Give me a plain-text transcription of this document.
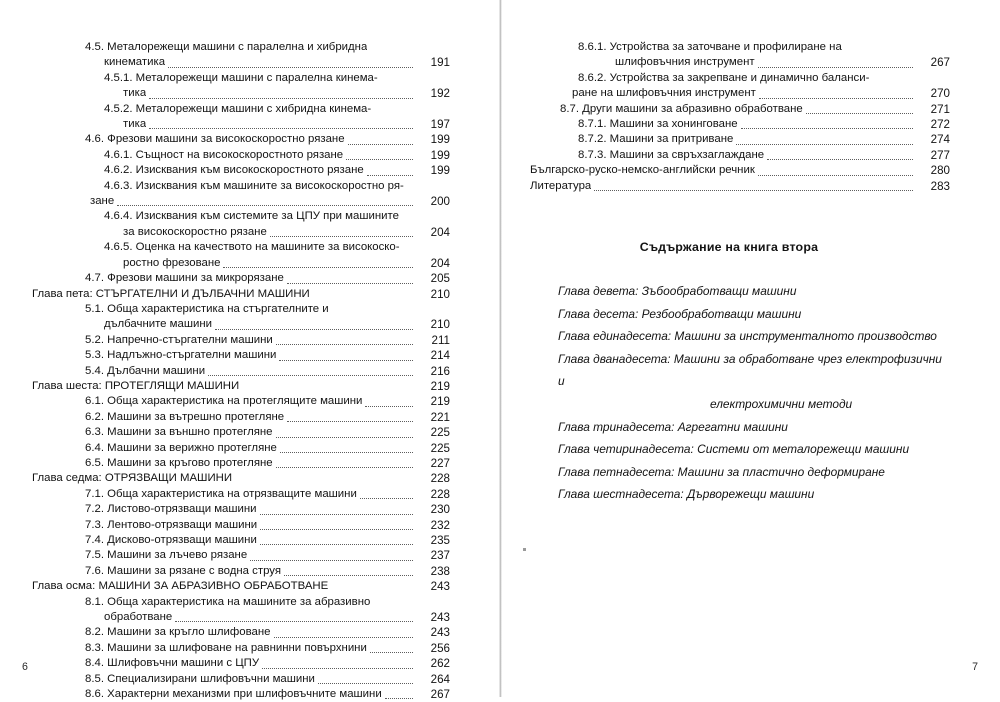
4.5. Металорежещи машини с паралелна и хибридна
кинематика	191
4.5.1. Металорежещи машини с паралелна кинема-
тика	192
4.5.2. Металорежещи машини с хибридна кинема-
тика	197
4.6. Фрезови машини за високоскоростно рязане	199
4.6.1. Същност на високоскоростното рязане	199
4.6.2. Изисквания към високоскоростното рязане	199
4.6.3. Изисквания към машините за високоскоростно ря-
зане	200
4.6.4. Изисквания към системите за ЦПУ при машините
за високоскоростно рязане	204
4.6.5. Оценка на качеството на машините за високоско-
ростно фрезоване	204
4.7. Фрезови машини за микрорязане	205
Глава пета: СТЪРГАТЕЛНИ И ДЪЛБАЧНИ МАШИНИ	210
5.1. Обща характеристика на стъргателните и
дълбачните машини	210
5.2. Напречно-стъргателни машини	211
5.3. Надлъжно-стъргателни машини	214
5.4. Дълбачни машини	216
Глава шеста: ПРОТЕГЛЯЩИ МАШИНИ	219
6.1. Обща характеристика на протеглящите машини	219
6.2. Машини за вътрешно протегляне	221
6.3. Машини за външно протегляне	225
6.4. Машини за верижно протегляне	225
6.5. Машини за кръгово протегляне	227
Глава седма: ОТРЯЗВАЩИ МАШИНИ	228
7.1. Обща характеристика на отрязващите машини	228
7.2. Листово-отрязващи машини	230
7.3. Лентово-отрязващи машини	232
7.4. Дисково-отрязващи машини	235
7.5. Машини за лъчево рязане	237
7.6. Машини за рязане с водна струя	238
Глава осма: МАШИНИ ЗА АБРАЗИВНО ОБРАБОТВАНЕ	243
8.1. Обща характеристика на машините за абразивно
обработване	243
8.2. Машини за кръгло шлифоване	243
8.3. Машини за шлифоване на равнинни повърхнини	256
8.4. Шлифовъчни машини с ЦПУ	262
8.5. Специализирани шлифовъчни машини	264
8.6. Характерни механизми при шлифовъчните машини	267
6
8.6.1. Устройства за заточване и профилиране на
шлифовъчния инструмент	267
8.6.2. Устройства за закрепване и динамично баланси-
ране на шлифовъчния инструмент	270
8.7. Други машини за абразивно обработване	271
8.7.1. Машини за хонинговане	272
8.7.2. Машини за притриване	274
8.7.3. Машини за свръхзаглаждане	277
Българско-руско-немско-английски речник	280
Литература	283
Съдържание на книга втора
Глава девета: Зъбообработващи машини
Глава десета: Резбообработващи машини
Глава единадесета: Машини за инструменталното производство
Глава дванадесета: Машини за обработване чрез електрофизични и
електрохимични методи
Глава тринадесета: Агрегатни машини
Глава четиринадесета: Системи от металорежещи машини
Глава петнадесета: Машини за пластично деформиране
Глава шестнадесета: Дърворежещи машини
7
